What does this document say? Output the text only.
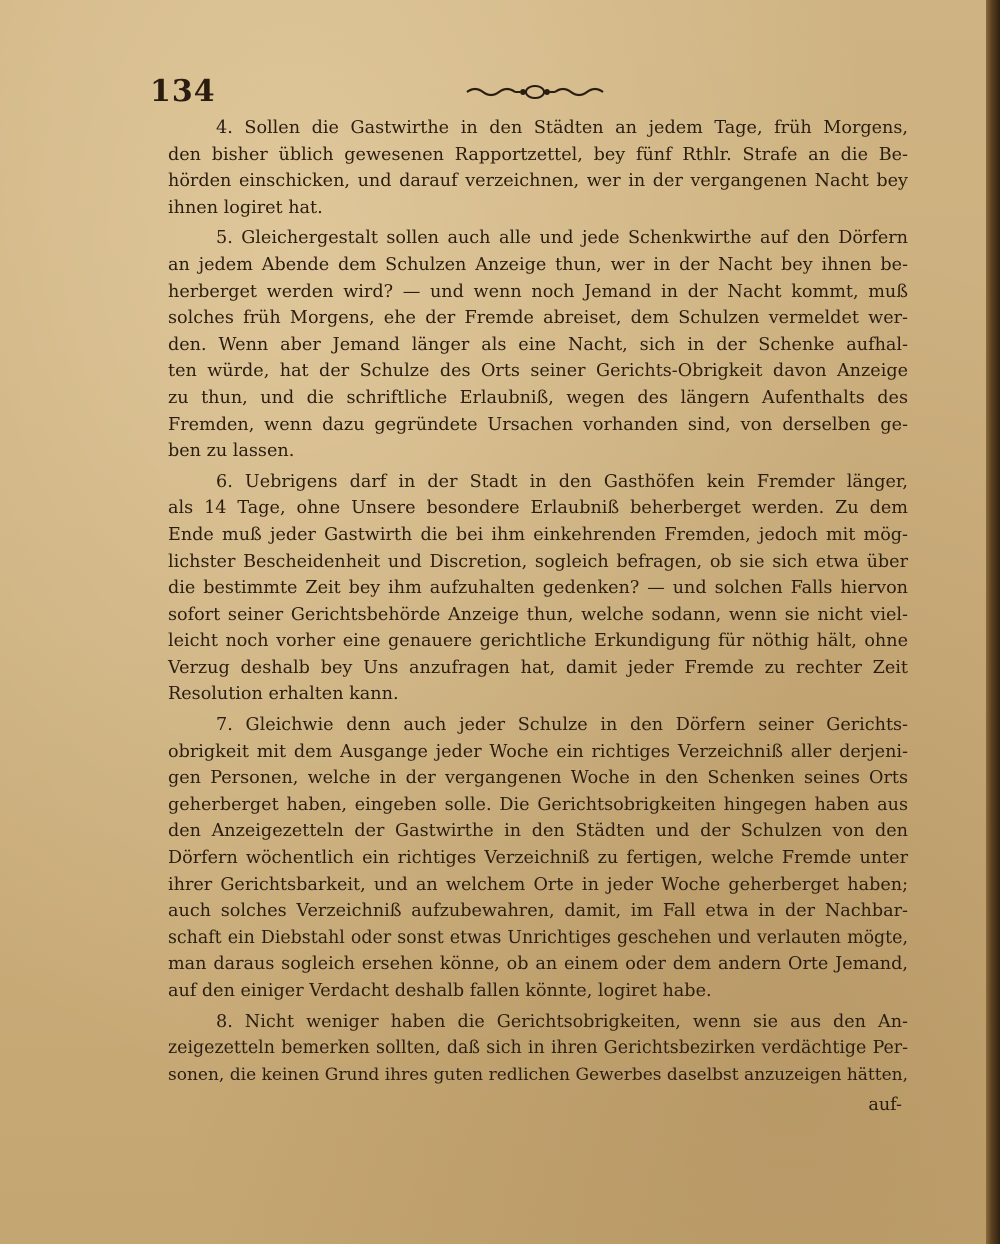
134
4. Sollen die Gastwirthe in den Städten an jedem Tage, früh Morgens,
den bisher üblich gewesenen Rapportzettel, bey fünf Rthlr. Strafe an die Be-
hörden einschicken, und darauf verzeichnen, wer in der vergangenen Nacht bey
ihnen logiret hat.
5. Gleichergestalt sollen auch alle und jede Schenkwirthe auf den Dörfern
an jedem Abende dem Schulzen Anzeige thun, wer in der Nacht bey ihnen be-
herberget werden wird? — und wenn noch Jemand in der Nacht kommt, muß
solches früh Morgens, ehe der Fremde abreiset, dem Schulzen vermeldet wer-
den. Wenn aber Jemand länger als eine Nacht, sich in der Schenke aufhal-
ten würde, hat der Schulze des Orts seiner Gerichts-Obrigkeit davon Anzeige
zu thun, und die schriftliche Erlaubniß, wegen des längern Aufenthalts des
Fremden, wenn dazu gegründete Ursachen vorhanden sind, von derselben ge-
ben zu lassen.
6. Uebrigens darf in der Stadt in den Gasthöfen kein Fremder länger,
als 14 Tage, ohne Unsere besondere Erlaubniß beherberget werden. Zu dem
Ende muß jeder Gastwirth die bei ihm einkehrenden Fremden, jedoch mit mög-
lichster Bescheidenheit und Discretion, sogleich befragen, ob sie sich etwa über
die bestimmte Zeit bey ihm aufzuhalten gedenken? — und solchen Falls hiervon
sofort seiner Gerichtsbehörde Anzeige thun, welche sodann, wenn sie nicht viel-
leicht noch vorher eine genauere gerichtliche Erkundigung für nöthig hält, ohne
Verzug deshalb bey Uns anzufragen hat, damit jeder Fremde zu rechter Zeit
Resolution erhalten kann.
7. Gleichwie denn auch jeder Schulze in den Dörfern seiner Gerichts-
obrigkeit mit dem Ausgange jeder Woche ein richtiges Verzeichniß aller derjeni-
gen Personen, welche in der vergangenen Woche in den Schenken seines Orts
geherberget haben, eingeben solle. Die Gerichtsobrigkeiten hingegen haben aus
den Anzeigezetteln der Gastwirthe in den Städten und der Schulzen von den
Dörfern wöchentlich ein richtiges Verzeichniß zu fertigen, welche Fremde unter
ihrer Gerichtsbarkeit, und an welchem Orte in jeder Woche geherberget haben;
auch solches Verzeichniß aufzubewahren, damit, im Fall etwa in der Nachbar-
schaft ein Diebstahl oder sonst etwas Unrichtiges geschehen und verlauten mögte,
man daraus sogleich ersehen könne, ob an einem oder dem andern Orte Jemand,
auf den einiger Verdacht deshalb fallen könnte, logiret habe.
8. Nicht weniger haben die Gerichtsobrigkeiten, wenn sie aus den An-
zeigezetteln bemerken sollten, daß sich in ihren Gerichtsbezirken verdächtige Per-
sonen, die keinen Grund ihres guten redlichen Gewerbes daselbst anzuzeigen hätten,
auf-
